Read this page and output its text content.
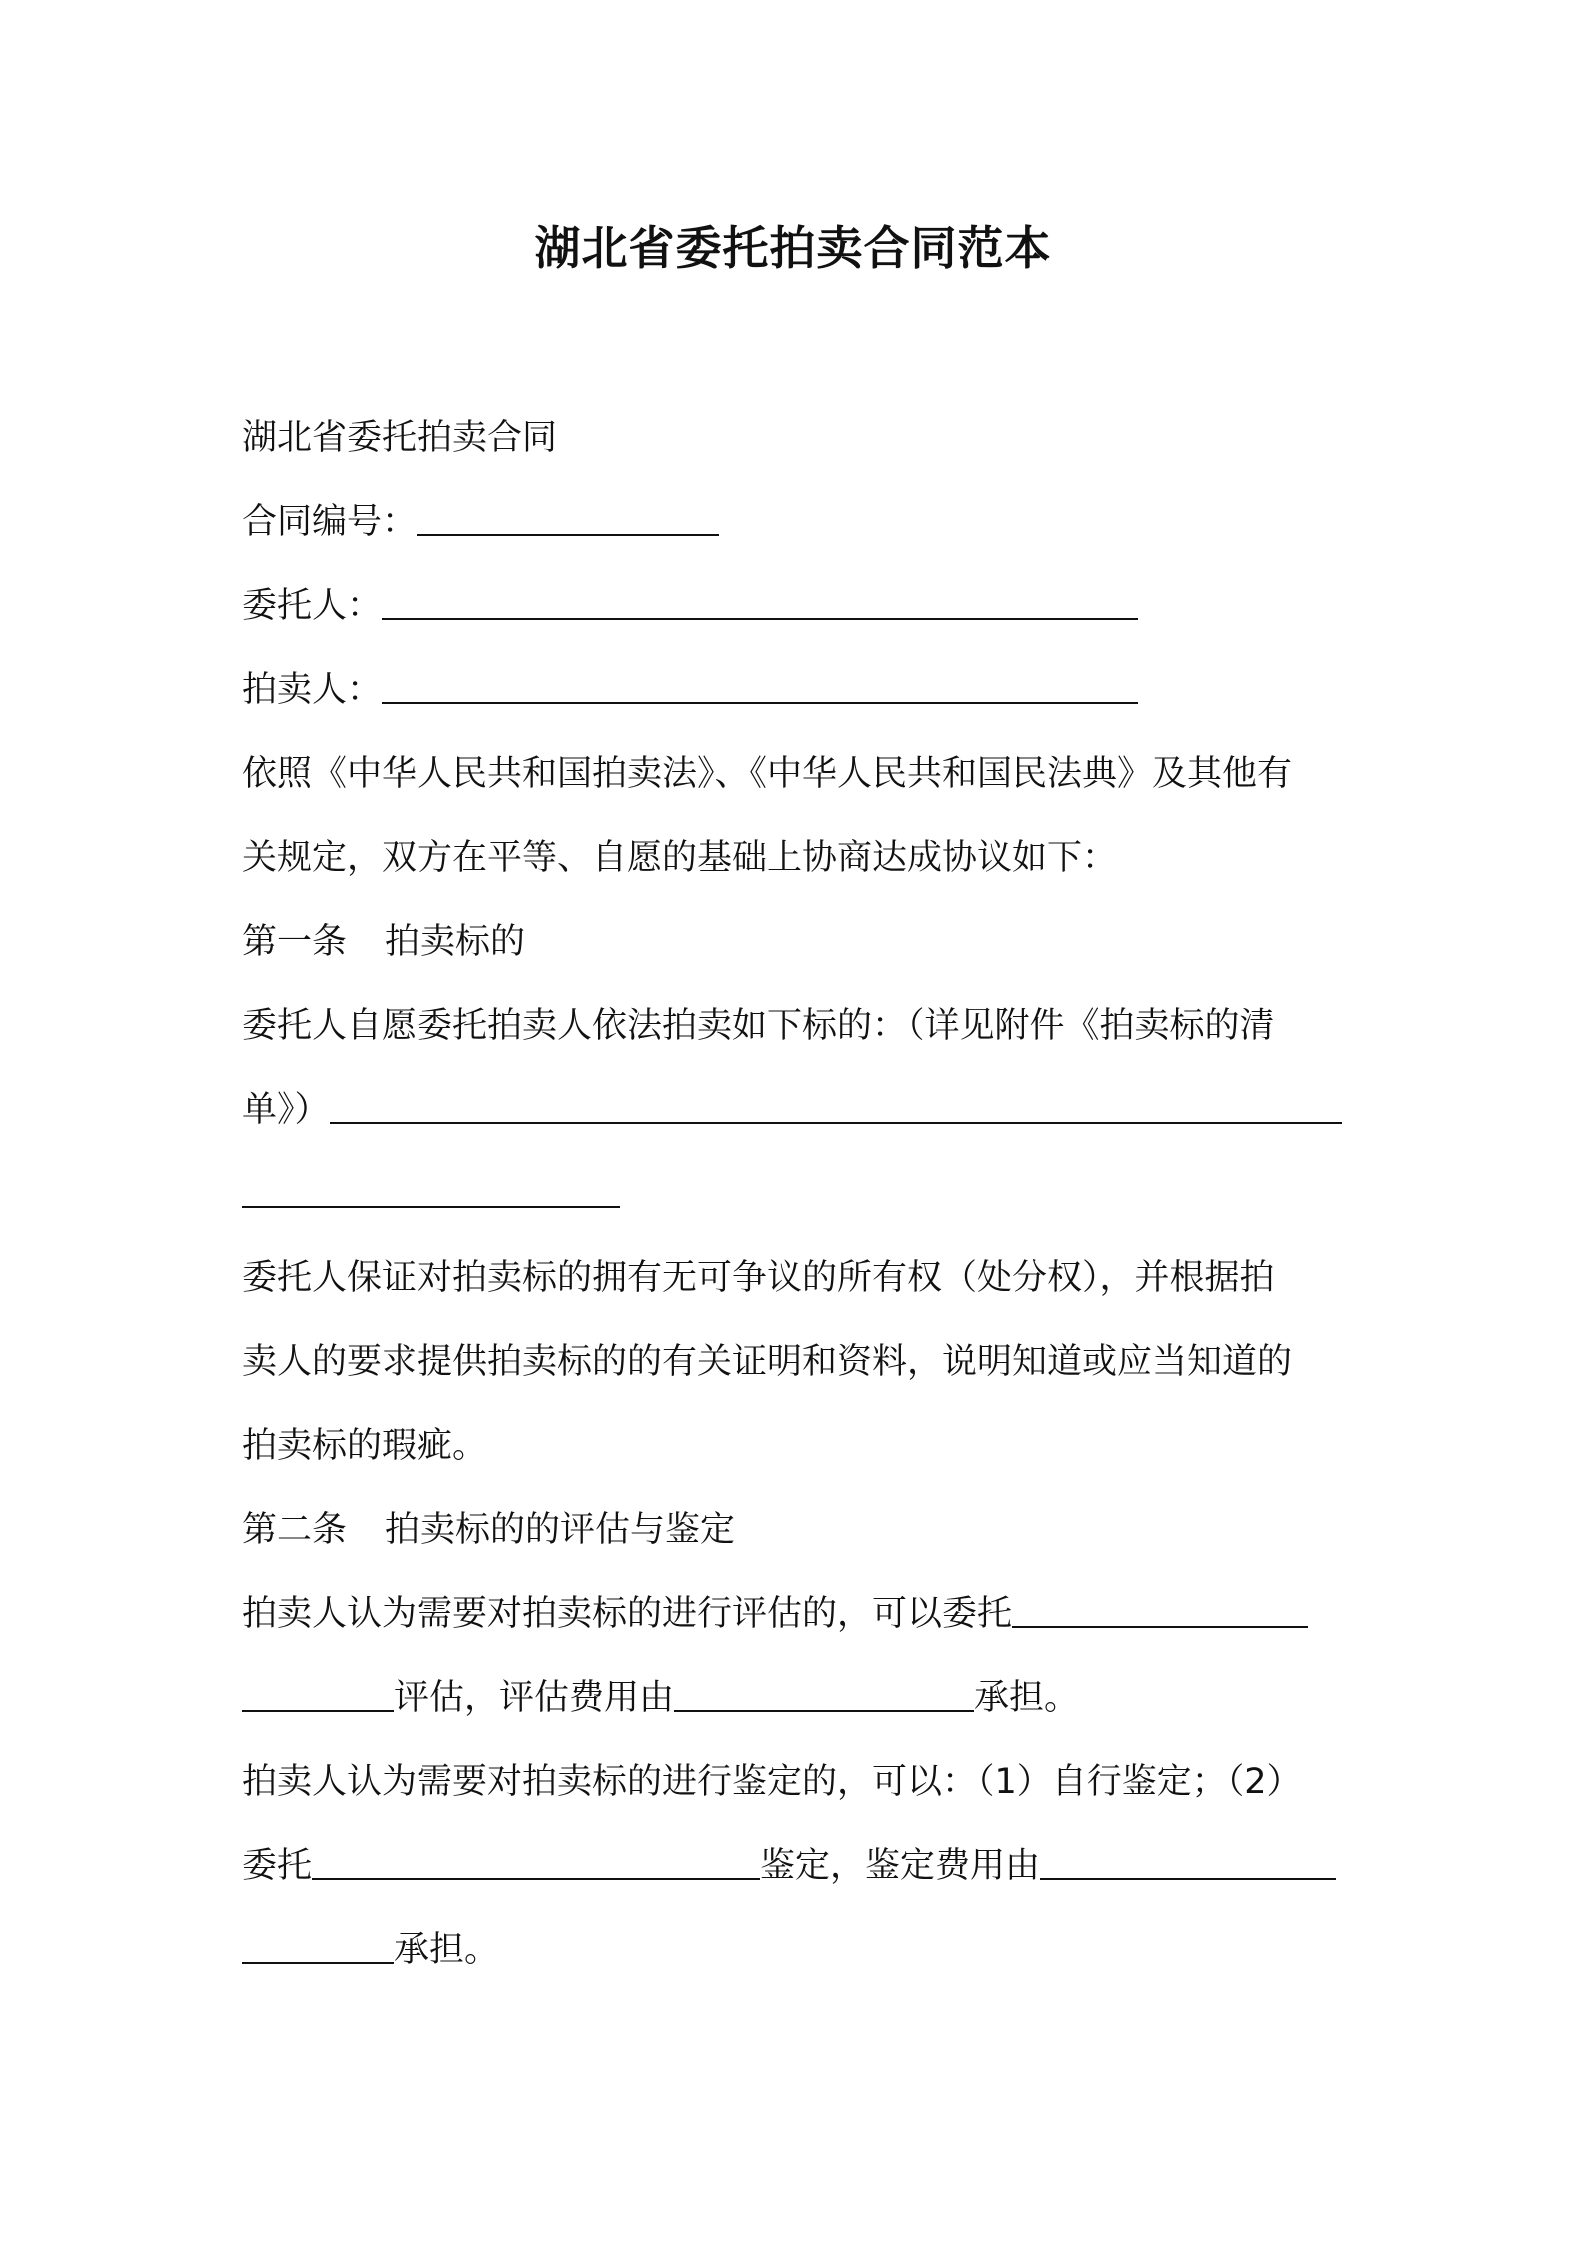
湖北省委托拍卖合同范本
湖北省委托拍卖合同
合同编号：
委托人：
拍卖人：
依照《中华人民共和国拍卖法》、《中华人民共和国民法典》及其他有
关规定，双方在平等、自愿的基础上协商达成协议如下：
第一条 拍卖标的
委托人自愿委托拍卖人依法拍卖如下标的：（详见附件《拍卖标的清
单》）
委托人保证对拍卖标的拥有无可争议的所有权（处分权），并根据拍
卖人的要求提供拍卖标的的有关证明和资料，说明知道或应当知道的
拍卖标的瑕疵。
第二条 拍卖标的的评估与鉴定
拍卖人认为需要对拍卖标的进行评估的，可以委托
评估，评估费用由	承担。
拍卖人认为需要对拍卖标的进行鉴定的，可以：（1）自行鉴定；（2）
委托	鉴定，鉴定费用由
承担。
